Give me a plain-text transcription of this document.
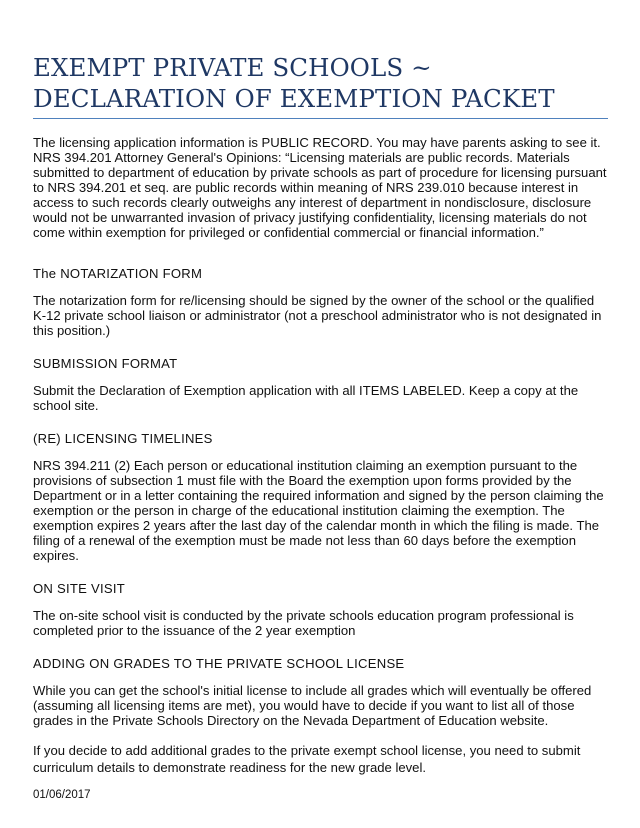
EXEMPT PRIVATE SCHOOLS ~
DECLARATION OF EXEMPTION PACKET

The licensing application information is PUBLIC RECORD. You may have parents asking to see it. NRS 394.201 Attorney General's Opinions: “Licensing materials are public records. Materials submitted to department of education by private schools as part of procedure for licensing pursuant to NRS 394.201 et seq. are public records within meaning of NRS 239.010 because interest in access to such records clearly outweighs any interest of department in nondisclosure, disclosure would not be unwarranted invasion of privacy justifying confidentiality, licensing materials do not come within exemption for privileged or confidential commercial or financial information.”

The NOTARIZATION FORM

The notarization form for re/licensing should be signed by the owner of the school or the qualified K-12 private school liaison or administrator (not a preschool administrator who is not designated in this position.)

SUBMISSION FORMAT

Submit the Declaration of Exemption application with all ITEMS LABELED. Keep a copy at the school site.

(RE) LICENSING TIMELINES

NRS 394.211 (2) Each person or educational institution claiming an exemption pursuant to the provisions of subsection 1 must file with the Board the exemption upon forms provided by the Department or in a letter containing the required information and signed by the person claiming the exemption or the person in charge of the educational institution claiming the exemption. The exemption expires 2 years after the last day of the calendar month in which the filing is made. The filing of a renewal of the exemption must be made not less than 60 days before the exemption expires.

ON SITE VISIT

The on-site school visit is conducted by the private schools education program professional is completed prior to the issuance of the 2 year exemption

ADDING ON GRADES TO THE PRIVATE SCHOOL LICENSE

While you can get the school's initial license to include all grades which will eventually be offered (assuming all licensing items are met), you would have to decide if you want to list all of those grades in the Private Schools Directory on the Nevada Department of Education website.

If you decide to add additional grades to the private exempt school license, you need to submit curriculum details to demonstrate readiness for the new grade level.

01/06/2017
